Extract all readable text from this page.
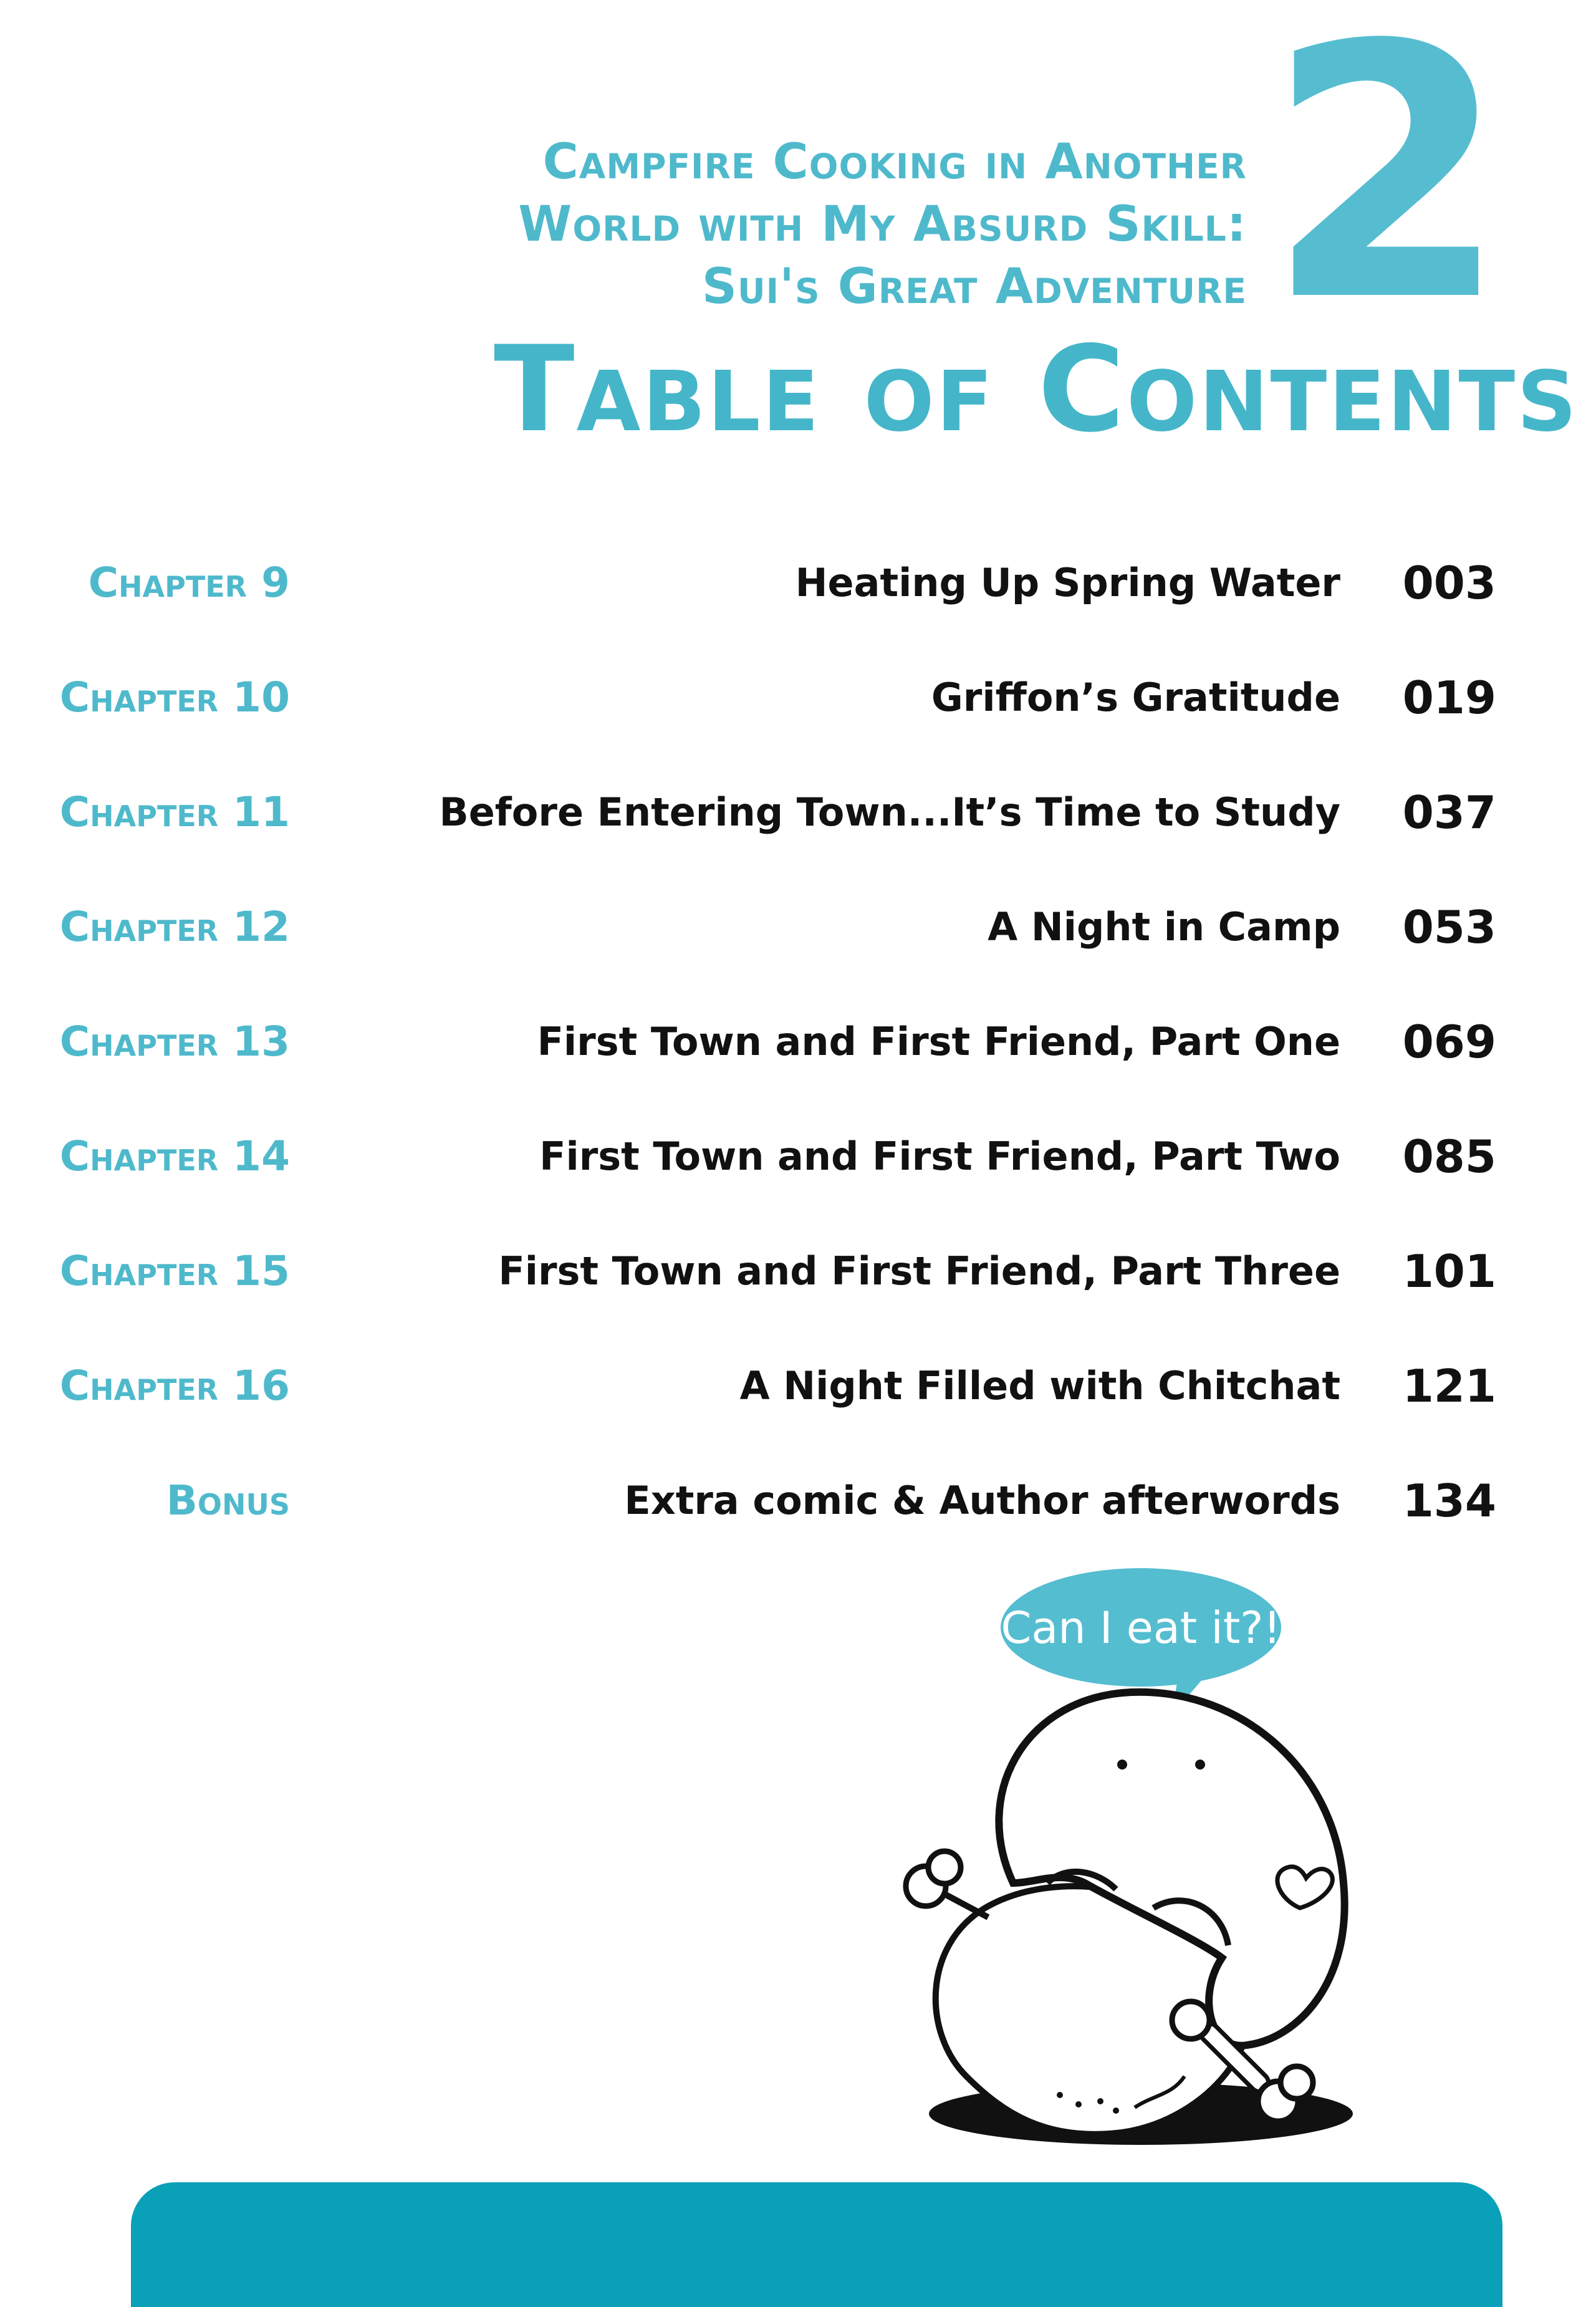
Campfire Cooking in Another
World with My Absurd Skill:
Sui's Great Adventure 2
Table of Contents
Chapter 9	Heating Up Spring Water	003
Chapter 10	Griffon’s Gratitude	019
Chapter 11	Before Entering Town...It’s Time to Study	037
Chapter 12	A Night in Camp	053
Chapter 13	First Town and First Friend, Part One	069
Chapter 14	First Town and First Friend, Part Two	085
Chapter 15	First Town and First Friend, Part Three	101
Chapter 16	A Night Filled with Chitchat	121
Bonus	Extra comic & Author afterwords	134
Can I eat it?!
